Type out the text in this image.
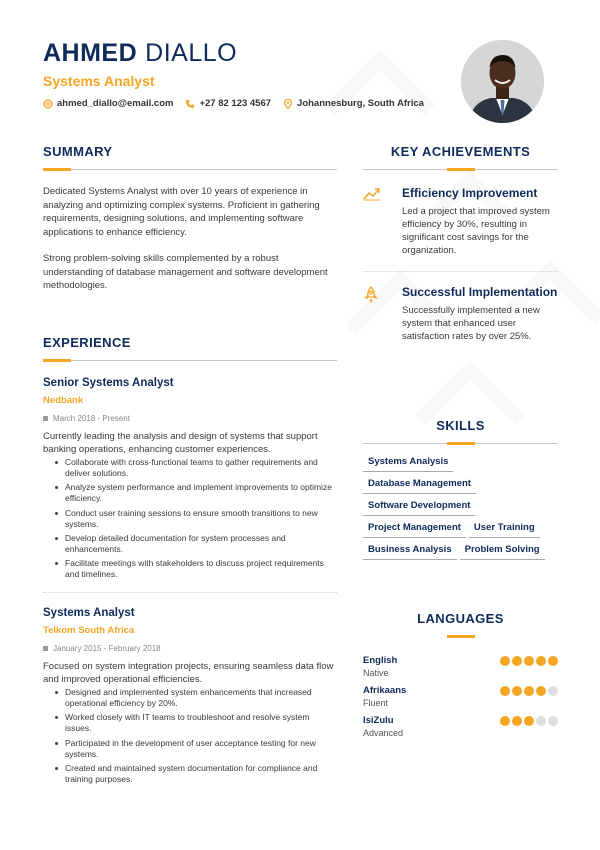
AHMED DIALLO
Systems Analyst
ahmed_diallo@email.com	+27 82 123 4567	Johannesburg, South Africa
SUMMARY

Dedicated Systems Analyst with over 10 years of experience in analyzing and optimizing complex systems. Proficient in gathering requirements, designing solutions, and implementing software applications to enhance efficiency.

Strong problem-solving skills complemented by a robust understanding of database management and software development methodologies.

EXPERIENCE
Senior Systems Analyst
Nedbank
March 2018 - Present
Currently leading the analysis and design of systems that support banking operations, enhancing customer experiences.
Collaborate with cross-functional teams to gather requirements and deliver solutions.
Analyze system performance and implement improvements to optimize efficiency.
Conduct user training sessions to ensure smooth transitions to new systems.
Develop detailed documentation for system processes and enhancements.
Facilitate meetings with stakeholders to discuss project requirements and timelines.
Systems Analyst
Telkom South Africa
January 2015 - February 2018
Focused on system integration projects, ensuring seamless data flow and improved operational efficiencies.
Designed and implemented system enhancements that increased operational efficiency by 20%.
Worked closely with IT teams to troubleshoot and resolve system issues.
Participated in the development of user acceptance testing for new systems.
Created and maintained system documentation for compliance and training purposes.
KEY ACHIEVEMENTS
Efficiency Improvement
Led a project that improved system efficiency by 30%, resulting in significant cost savings for the organization.
Successful Implementation
Successfully implemented a new system that enhanced user satisfaction rates by over 25%.
SKILLS
Systems Analysis
Database Management
Software Development
Project Management	User Training
Business Analysis	Problem Solving
LANGUAGES
English
Native
Afrikaans
Fluent
IsiZulu
Advanced
